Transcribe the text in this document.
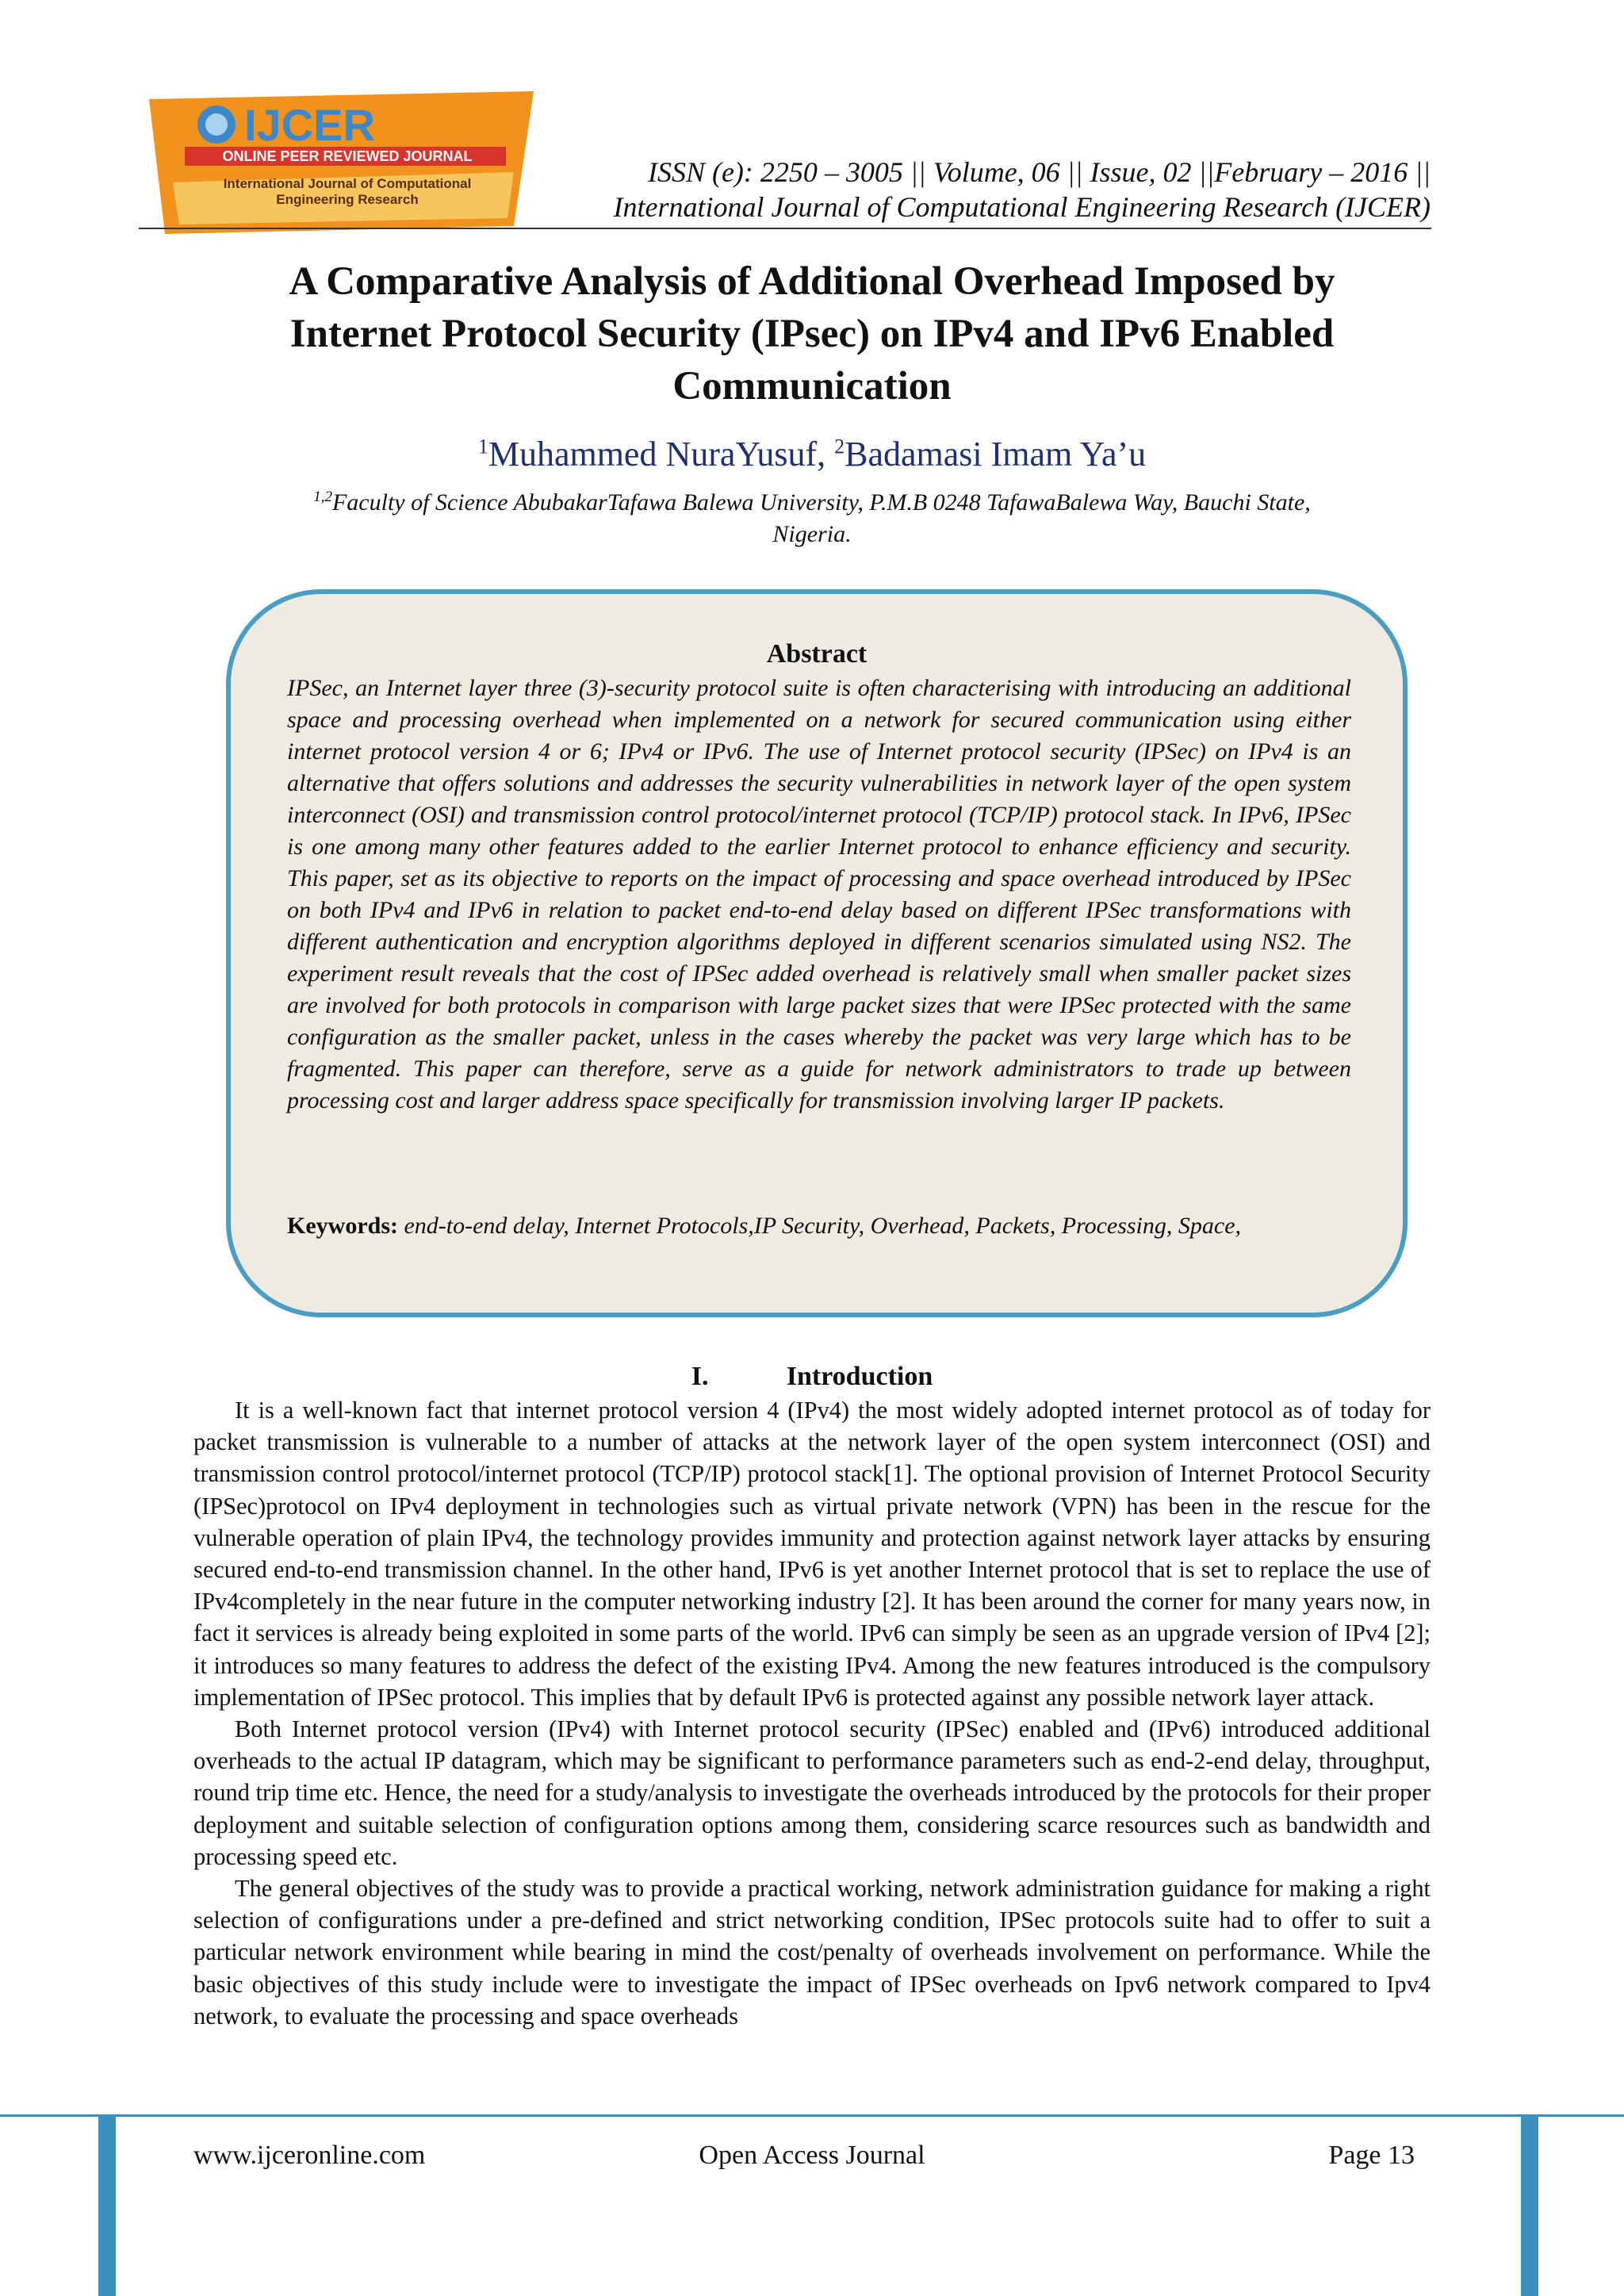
IJCER
ONLINE PEER REVIEWED JOURNAL
International Journal of Computational
Engineering Research
ISSN (e): 2250 – 3005 || Volume, 06 || Issue, 02 ||February – 2016 ||
International Journal of Computational Engineering Research (IJCER)
A Comparative Analysis of Additional Overhead Imposed by
Internet Protocol Security (IPsec) on IPv4 and IPv6 Enabled
Communication
$^1$Muhammed NuraYusuf, $^2$Badamasi Imam Ya’u
$^{1,2}$Faculty of Science AbubakarTafawa Balewa University, P.M.B 0248 TafawaBalewa Way, Bauchi State,
Nigeria.
Abstract
IPSec, an Internet layer three (3)-security protocol suite is often characterising with introducing an additional space and processing overhead when implemented on a network for secured communication using either internet protocol version 4 or 6; IPv4 or IPv6. The use of Internet protocol security (IPSec) on IPv4 is an alternative that offers solutions and addresses the security vulnerabilities in network layer of the open system interconnect (OSI) and transmission control protocol/internet protocol (TCP/IP) protocol stack. In IPv6, IPSec is one among many other features added to the earlier Internet protocol to enhance efficiency and security. This paper, set as its objective to reports on the impact of processing and space overhead introduced by IPSec on both IPv4 and IPv6 in relation to packet end-to-end delay based on different IPSec transformations with different authentication and encryption algorithms deployed in different scenarios simulated using NS2. The experiment result reveals that the cost of IPSec added overhead is relatively small when smaller packet sizes are involved for both protocols in comparison with large packet sizes that were IPSec protected with the same configuration as the smaller packet, unless in the cases whereby the packet was very large which has to be fragmented. This paper can therefore, serve as a guide for network administrators to trade up between processing cost and larger address space specifically for transmission involving larger IP packets.
Keywords: end-to-end delay, Internet Protocols,IP Security, Overhead, Packets, Processing, Space,
I.	Introduction

It is a well-known fact that internet protocol version 4 (IPv4) the most widely adopted internet protocol as of today for packet transmission is vulnerable to a number of attacks at the network layer of the open system interconnect (OSI) and transmission control protocol/internet protocol (TCP/IP) protocol stack[1]. The optional provision of Internet Protocol Security (IPSec)protocol on IPv4 deployment in technologies such as virtual private network (VPN) has been in the rescue for the vulnerable operation of plain IPv4, the technology provides immunity and protection against network layer attacks by ensuring secured end-to-end transmission channel. In the other hand, IPv6 is yet another Internet protocol that is set to replace the use of IPv4completely in the near future in the computer networking industry [2]. It has been around the corner for many years now, in fact it services is already being exploited in some parts of the world. IPv6 can simply be seen as an upgrade version of IPv4 [2]; it introduces so many features to address the defect of the existing IPv4. Among the new features introduced is the compulsory implementation of IPSec protocol. This implies that by default IPv6 is protected against any possible network layer attack.

Both Internet protocol version (IPv4) with Internet protocol security (IPSec) enabled and (IPv6) introduced additional overheads to the actual IP datagram, which may be significant to performance parameters such as end-2-end delay, throughput, round trip time etc. Hence, the need for a study/analysis to investigate the overheads introduced by the protocols for their proper deployment and suitable selection of configuration options among them, considering scarce resources such as bandwidth and processing speed etc.

The general objectives of the study was to provide a practical working, network administration guidance for making a right selection of configurations under a pre-defined and strict networking condition, IPSec protocols suite had to offer to suit a particular network environment while bearing in mind the cost/penalty of overheads involvement on performance. While the basic objectives of this study include were to investigate the impact of IPSec overheads on Ipv6 network compared to Ipv4 network, to evaluate the processing and space overheads

Open Access Journal
www.ijceronline.com	Page 13
